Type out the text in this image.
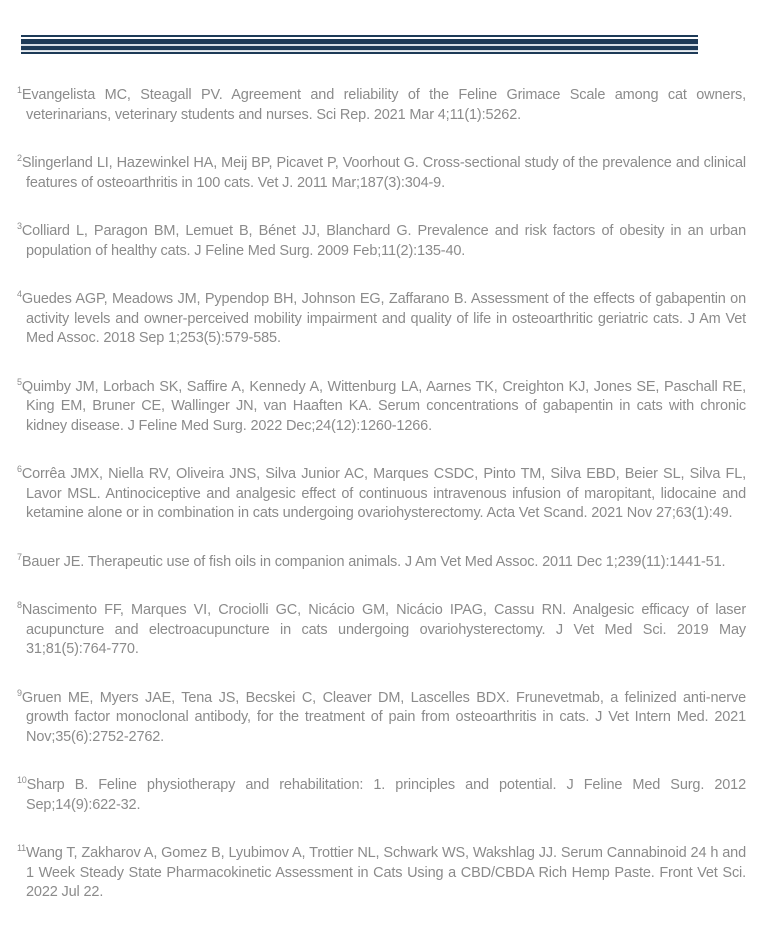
$^1$Evangelista MC, Steagall PV. Agreement and reliability of the Feline Grimace Scale among cat owners, veterinarians, veterinary students and nurses. Sci Rep. 2021 Mar 4;11(1):5262.

$^2$Slingerland LI, Hazewinkel HA, Meij BP, Picavet P, Voorhout G. Cross-sectional study of the prevalence and clinical features of osteoarthritis in 100 cats. Vet J. 2011 Mar;187(3):304-9.

$^3$Colliard L, Paragon BM, Lemuet B, Bénet JJ, Blanchard G. Prevalence and risk factors of obesity in an urban population of healthy cats. J Feline Med Surg. 2009 Feb;11(2):135-40.

$^4$Guedes AGP, Meadows JM, Pypendop BH, Johnson EG, Zaffarano B. Assessment of the effects of gabapentin on activity levels and owner-perceived mobility impairment and quality of life in osteoarthritic geriatric cats. J Am Vet Med Assoc. 2018 Sep 1;253(5):579-585.

$^5$Quimby JM, Lorbach SK, Saffire A, Kennedy A, Wittenburg LA, Aarnes TK, Creighton KJ, Jones SE, Paschall RE, King EM, Bruner CE, Wallinger JN, van Haaften KA. Serum concentrations of gabapentin in cats with chronic kidney disease. J Feline Med Surg. 2022 Dec;24(12):1260-1266.

$^6$Corrêa JMX, Niella RV, Oliveira JNS, Silva Junior AC, Marques CSDC, Pinto TM, Silva EBD, Beier SL, Silva FL, Lavor MSL. Antinociceptive and analgesic effect of continuous intravenous infusion of maropitant, lidocaine and ketamine alone or in combination in cats undergoing ovariohysterectomy. Acta Vet Scand. 2021 Nov 27;63(1):49.

$^7$Bauer JE. Therapeutic use of fish oils in companion animals. J Am Vet Med Assoc. 2011 Dec 1;239(11):1441-51.

$^8$Nascimento FF, Marques VI, Crociolli GC, Nicácio GM, Nicácio IPAG, Cassu RN. Analgesic efficacy of laser acupuncture and electroacupuncture in cats undergoing ovariohysterectomy. J Vet Med Sci. 2019 May 31;81(5):764-770.

$^9$Gruen ME, Myers JAE, Tena JS, Becskei C, Cleaver DM, Lascelles BDX. Frunevetmab, a felinized anti-nerve growth factor monoclonal antibody, for the treatment of pain from osteoarthritis in cats. J Vet Intern Med. 2021 Nov;35(6):2752-2762.

$^{10}$Sharp B. Feline physiotherapy and rehabilitation: 1. principles and potential. J Feline Med Surg. 2012 Sep;14(9):622-32.

$^{11}$Wang T, Zakharov A, Gomez B, Lyubimov A, Trottier NL, Schwark WS, Wakshlag JJ. Serum Cannabinoid 24 h and 1 Week Steady State Pharmacokinetic Assessment in Cats Using a CBD/CBDA Rich Hemp Paste. Front Vet Sci. 2022 Jul 22.
